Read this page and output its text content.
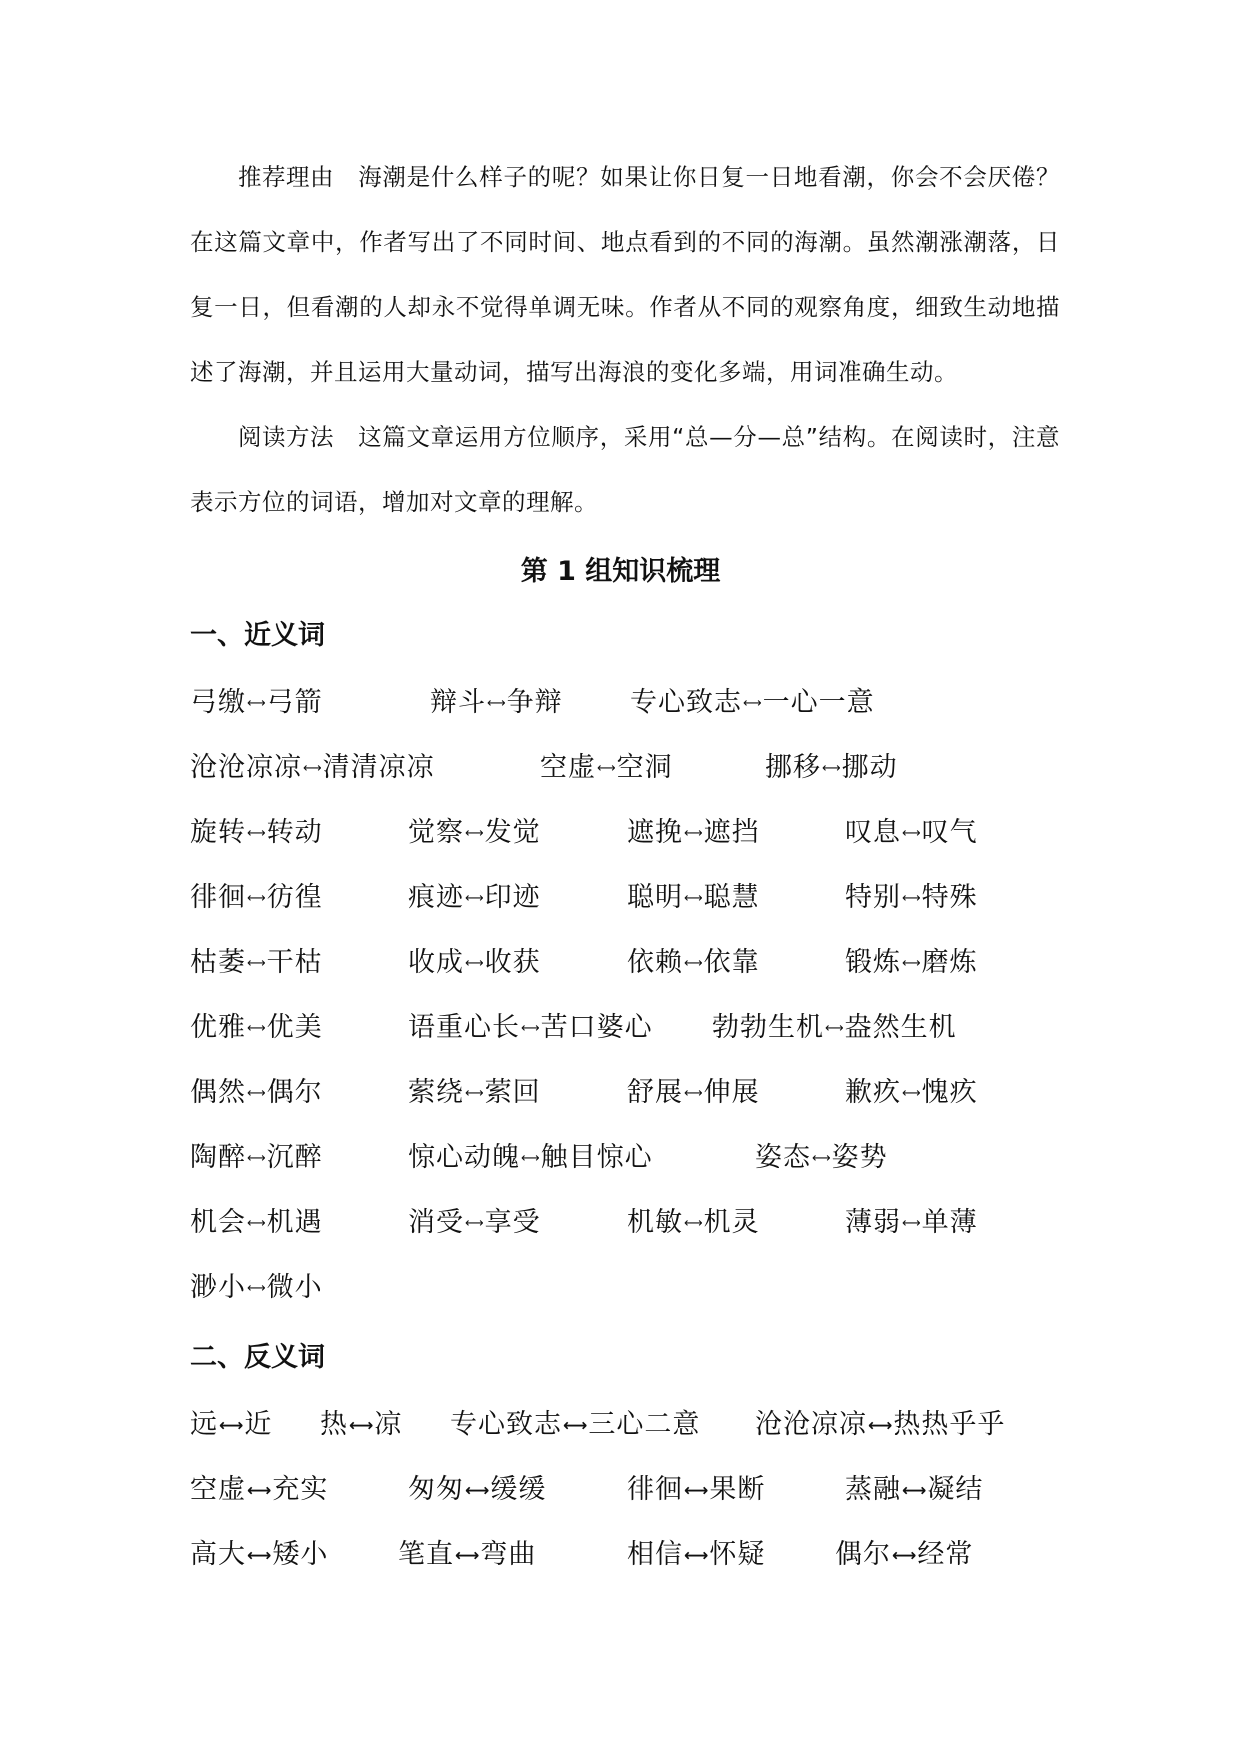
推荐理由 海潮是什么样子的呢？如果让你日复一日地看潮，你会不会厌倦？在这篇文章中，作者写出了不同时间、地点看到的不同的海潮。虽然潮涨潮落，日复一日，但看潮的人却永不觉得单调无味。作者从不同的观察角度，细致生动地描述了海潮，并且运用大量动词，描写出海浪的变化多端，用词准确生动。
阅读方法 这篇文章运用方位顺序，采用“总—分—总”结构。在阅读时，注意表示方位的词语，增加对文章的理解。
第 1 组知识梳理
一、近义词
弓缴⟷弓箭	辩斗⟷争辩 专心致志⟷一心一意
沧沧凉凉⟷清清凉凉	空虚⟷空洞	挪移⟷挪动
旋转⟷转动	觉察⟷发觉	遮挽⟷遮挡	叹息⟷叹气
徘徊⟷彷徨	痕迹⟷印迹	聪明⟷聪慧	特别⟷特殊
枯萎⟷干枯	收成⟷收获	依赖⟷依靠	锻炼⟷磨炼
优雅⟷优美	语重心长⟷苦口婆心 勃勃生机⟷盎然生机
偶然⟷偶尔	萦绕⟷萦回	舒展⟷伸展	歉疚⟷愧疚
陶醉⟷沉醉	惊心动魄⟷触目惊心	姿态⟷姿势
机会⟷机遇	消受⟷享受	机敏⟷机灵	薄弱⟷单薄
渺小⟷微小
二、反义词
远⟷近 热⟷凉 专心致志⟷三心二意 沧沧凉凉⟷热热乎乎
空虚⟷充实	匆匆⟷缓缓	徘徊⟷果断	蒸融⟷凝结
高大⟷矮小	笔直⟷弯曲	相信⟷怀疑	偶尔⟷经常
